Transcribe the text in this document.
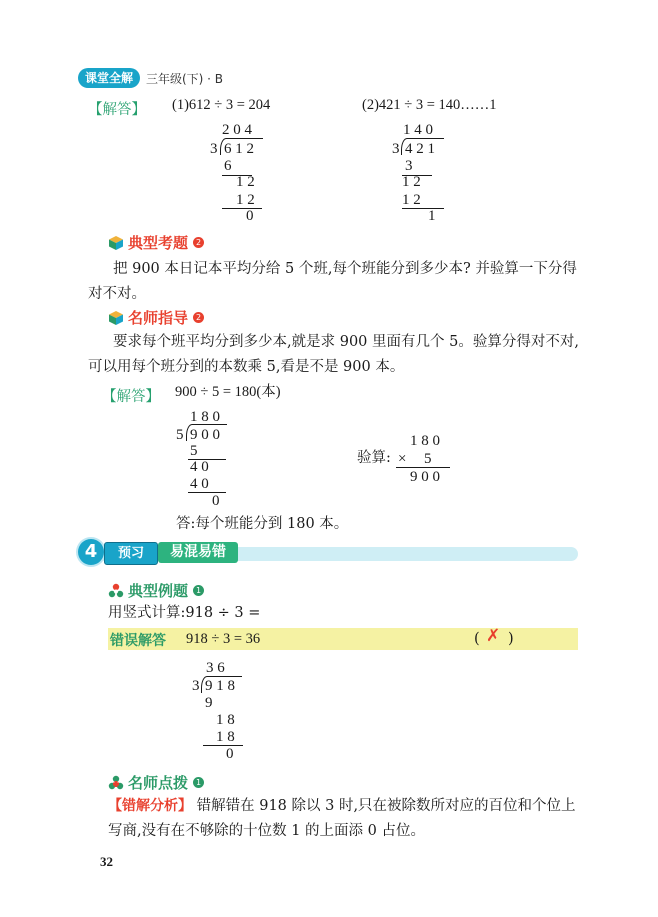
课堂全解	三年级(下) · B
【解答】 (1)612 ÷ 3 = 204	(2)421 ÷ 3 = 140……1
2 0 4
3 6 1 2
6
1 2
1 2
0
1 4 0
3 4 2 1
3
1 2
1 2
1
典型考题 2
把 900 本日记本平均分给 5 个班,每个班能分到多少本? 并验算一下分得对不对。
名师指导 2
要求每个班平均分到多少本,就是求 900 里面有几个 5。验算分得对不对,可以用每个班分到的本数乘 5,看是不是 900 本。
【解答】 900 ÷ 5 = 180(本)
1 8 0
5 9 0 0
5
4 0
4 0
0
1 8 0
验算: × 5
9 0 0
答:每个班能分到 180 本。
4	预习	易混易错
典型例题 1
用竖式计算:918 ÷ 3 =
错误解答 918 ÷ 3 = 36	( ✗ )
3 6
3 9 1 8
9
1 8
1 8
0
名师点拨 1
【错解分析】 错解错在 918 除以 3 时,只在被除数所对应的百位和个位上写商,没有在不够除的十位数 1 的上面添 0 占位。
32
